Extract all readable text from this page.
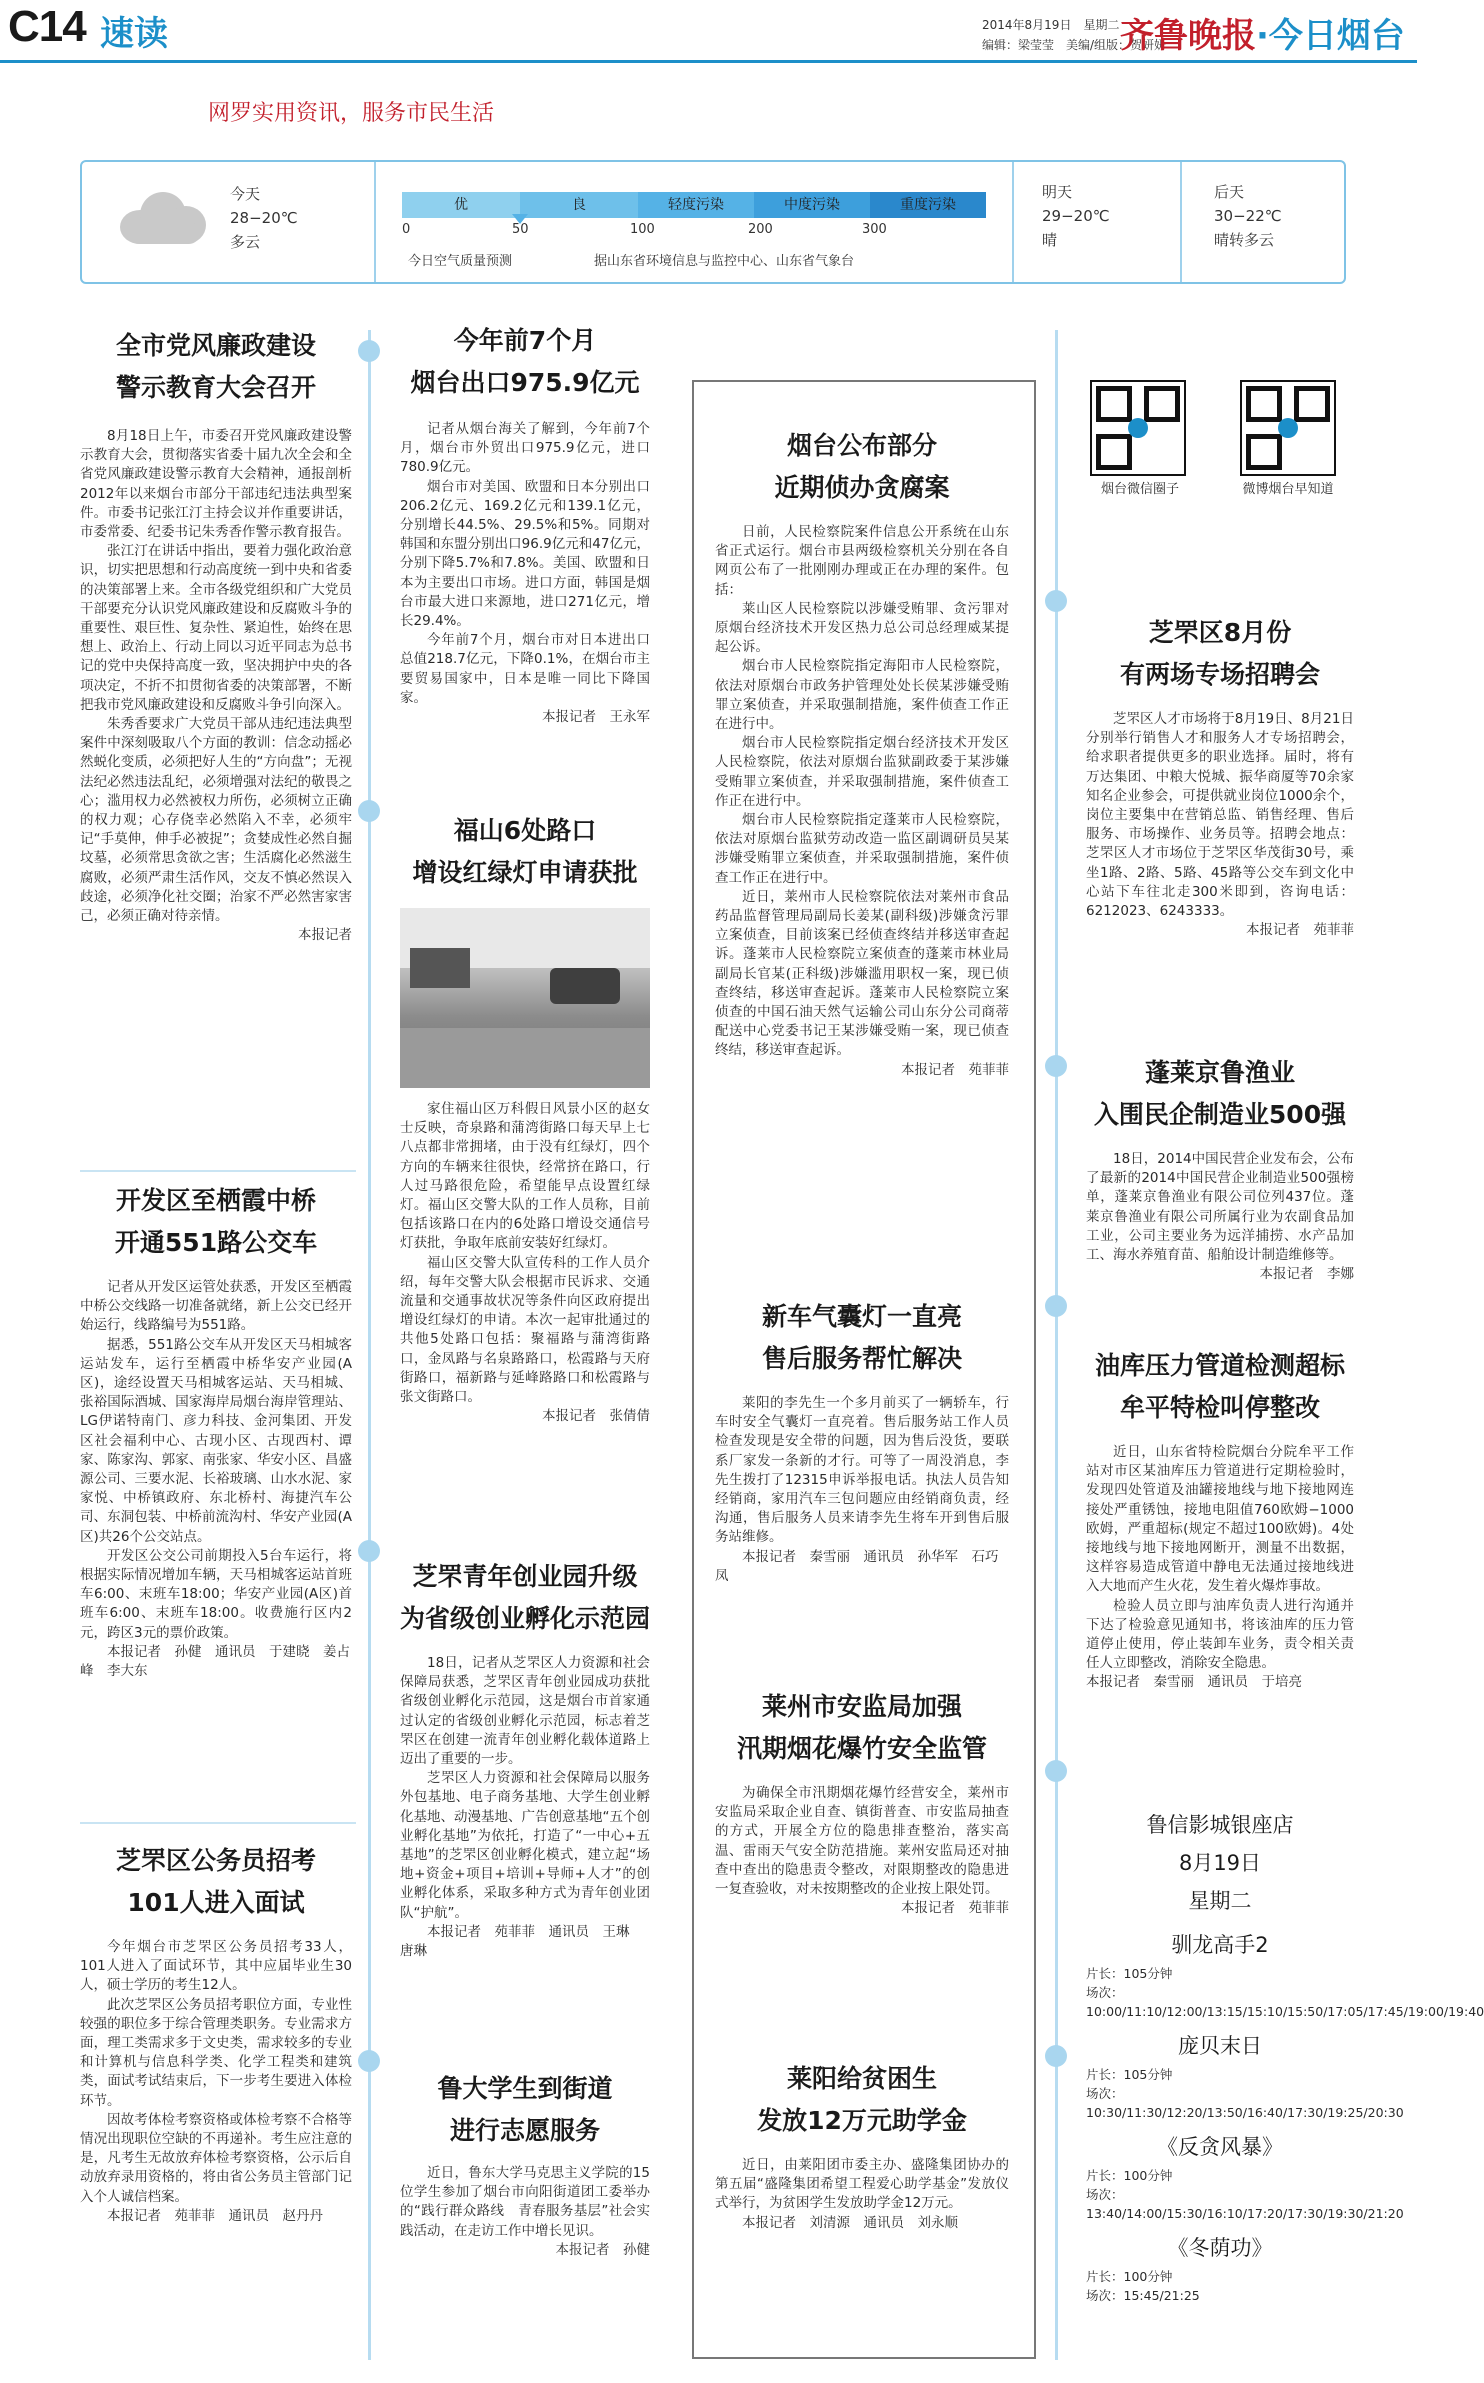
C14 速读	2014年8月19日　星期二
编辑：梁莹莹　美编/组版：贺妍妍
齐鲁晚报·今日烟台
网罗实用资讯，服务市民生活
今天
28−20℃
多云
优	良	轻度污染	中度污染	重度污染
0	50	100	200	300
今日空气质量预测	据山东省环境信息与监控中心、山东省气象台
明天
29−20℃
晴
后天
30−22℃
晴转多云
全市党风廉政建设
警示教育大会召开

8月18日上午，市委召开党风廉政建设警示教育大会，贯彻落实省委十届九次全会和全省党风廉政建设警示教育大会精神，通报剖析2012年以来烟台市部分干部违纪违法典型案件。市委书记张江汀主持会议并作重要讲话，市委常委、纪委书记朱秀香作警示教育报告。

张江汀在讲话中指出，要着力强化政治意识，切实把思想和行动高度统一到中央和省委的决策部署上来。全市各级党组织和广大党员干部要充分认识党风廉政建设和反腐败斗争的重要性、艰巨性、复杂性、紧迫性，始终在思想上、政治上、行动上同以习近平同志为总书记的党中央保持高度一致，坚决拥护中央的各项决定，不折不扣贯彻省委的决策部署，不断把我市党风廉政建设和反腐败斗争引向深入。

朱秀香要求广大党员干部从违纪违法典型案件中深刻吸取八个方面的教训：信念动摇必然蜕化变质，必须把好人生的“方向盘”；无视法纪必然违法乱纪，必须增强对法纪的敬畏之心；滥用权力必然被权力所伤，必须树立正确的权力观；心存侥幸必然陷入不幸，必须牢记“手莫伸，伸手必被捉”；贪婪成性必然自掘坟墓，必须常思贪欲之害；生活腐化必然滋生腐败，必须严肃生活作风，交友不慎必然误入歧途，必须净化社交圈；治家不严必然害家害己，必须正确对待亲情。

本报记者
开发区至栖霞中桥
开通551路公交车

记者从开发区运管处获悉，开发区至栖霞中桥公交线路一切准备就绪，新上公交已经开始运行，线路编号为551路。

据悉，551路公交车从开发区天马相城客运站发车，运行至栖霞中桥华安产业园(A区)，途经设置天马相城客运站、天马相城、张裕国际酒城、国家海岸局烟台海岸管理站、LG伊诺特南门、彦力科技、金河集团、开发区社会福利中心、古现小区、古现西村、谭家、陈家沟、郭家、南张家、华安小区、昌盛源公司、三要水泥、长裕玻璃、山水水泥、家家悦、中桥镇政府、东北桥村、海捷汽车公司、东洞包装、中桥前流沟村、华安产业园(A区)共26个公交站点。

开发区公交公司前期投入5台车运行，将根据实际情况增加车辆，天马相城客运站首班车6:00、末班车18:00；华安产业园(A区)首班车6:00、末班车18:00。收费施行区内2元，跨区3元的票价政策。

本报记者　孙健　通讯员　于建晓　姜占峰　李大东
芝罘区公务员招考
101人进入面试

今年烟台市芝罘区公务员招考33人，101人进入了面试环节，其中应届毕业生30人，硕士学历的考生12人。

此次芝罘区公务员招考职位方面，专业性较强的职位多于综合管理类职务。专业需求方面，理工类需求多于文史类，需求较多的专业和计算机与信息科学类、化学工程类和建筑类，面试考试结束后，下一步考生要进入体检环节。

因故考体检考察资格或体检考察不合格等情况出现职位空缺的不再递补。考生应注意的是，凡考生无故放弃体检考察资格，公示后自动放弃录用资格的，将由省公务员主管部门记入个人诚信档案。

本报记者　苑菲菲　通讯员　赵丹丹
今年前7个月
烟台出口975.9亿元

记者从烟台海关了解到，今年前7个月，烟台市外贸出口975.9亿元，进口780.9亿元。

烟台市对美国、欧盟和日本分别出口206.2亿元、169.2亿元和139.1亿元，分别增长44.5%、29.5%和5%。同期对韩国和东盟分别出口96.9亿元和47亿元，分别下降5.7%和7.8%。美国、欧盟和日本为主要出口市场。进口方面，韩国是烟台市最大进口来源地，进口271亿元，增长29.4%。

今年前7个月，烟台市对日本进出口总值218.7亿元，下降0.1%，在烟台市主要贸易国家中，日本是唯一同比下降国家。

本报记者　王永军
福山6处路口
增设红绿灯申请获批

家住福山区万科假日风景小区的赵女士反映，奇泉路和蒲湾街路口每天早上七八点都非常拥堵，由于没有红绿灯，四个方向的车辆来往很快，经常挤在路口，行人过马路很危险，希望能早点设置红绿灯。福山区交警大队的工作人员称，目前包括该路口在内的6处路口增设交通信号灯获批，争取年底前安装好红绿灯。

福山区交警大队宣传科的工作人员介绍，每年交警大队会根据市民诉求、交通流量和交通事故状况等条件向区政府提出增设红绿灯的申请。本次一起审批通过的共他5处路口包括：聚福路与蒲湾街路口，金凤路与名泉路路口，松霞路与天府街路口，福新路与延峰路路口和松霞路与张文街路口。

本报记者　张倩倩
芝罘青年创业园升级
为省级创业孵化示范园

18日，记者从芝罘区人力资源和社会保障局获悉，芝罘区青年创业园成功获批省级创业孵化示范园，这是烟台市首家通过认定的省级创业孵化示范园，标志着芝罘区在创建一流青年创业孵化载体道路上迈出了重要的一步。

芝罘区人力资源和社会保障局以服务外包基地、电子商务基地、大学生创业孵化基地、动漫基地、广告创意基地“五个创业孵化基地”为依托，打造了“一中心+五基地”的芝罘区创业孵化模式，建立起“场地+资金+项目+培训+导师+人才”的创业孵化体系，采取多种方式为青年创业团队“护航”。

本报记者　苑菲菲　通讯员　王琳　唐琳
鲁大学生到街道
进行志愿服务

近日，鲁东大学马克思主义学院的15位学生参加了烟台市向阳街道团工委举办的“践行群众路线　青春服务基层”社会实践活动，在走访工作中增长见识。

本报记者　孙健
烟台公布部分
近期侦办贪腐案

日前，人民检察院案件信息公开系统在山东省正式运行。烟台市县两级检察机关分别在各自网页公布了一批刚刚办理或正在办理的案件。包括：

莱山区人民检察院以涉嫌受贿罪、贪污罪对原烟台经济技术开发区热力总公司总经理威某提起公诉。

烟台市人民检察院指定海阳市人民检察院，依法对原烟台市政务护管理处处长侯某涉嫌受贿罪立案侦查，并采取强制措施，案件侦查工作正在进行中。

烟台市人民检察院指定烟台经济技术开发区人民检察院，依法对原烟台监狱副政委于某涉嫌受贿罪立案侦查，并采取强制措施，案件侦查工作正在进行中。

烟台市人民检察院指定蓬莱市人民检察院，依法对原烟台监狱劳动改造一监区副调研员吴某涉嫌受贿罪立案侦查，并采取强制措施，案件侦查工作正在进行中。

近日，莱州市人民检察院依法对莱州市食品药品监督管理局副局长姜某(副科级)涉嫌贪污罪立案侦查，目前该案已经侦查终结并移送审查起诉。蓬莱市人民检察院立案侦查的蓬莱市林业局副局长官某(正科级)涉嫌滥用职权一案，现已侦查终结，移送审查起诉。蓬莱市人民检察院立案侦查的中国石油天然气运输公司山东分公司商蒂配送中心党委书记王某涉嫌受贿一案，现已侦查终结，移送审查起诉。

本报记者　苑菲菲
新车气囊灯一直亮
售后服务帮忙解决

莱阳的李先生一个多月前买了一辆轿车，行车时安全气囊灯一直亮着。售后服务站工作人员检查发现是安全带的问题，因为售后没货，要联系厂家发一条新的才行。可等了一周没消息，李先生拨打了12315申诉举报电话。执法人员告知经销商，家用汽车三包问题应由经销商负责，经沟通，售后服务人员来请李先生将车开到售后服务站维修。

本报记者　秦雪丽　通讯员　孙华军　石巧凤
莱州市安监局加强
汛期烟花爆竹安全监管

为确保全市汛期烟花爆竹经营安全，莱州市安监局采取企业自查、镇街普查、市安监局抽查的方式，开展全方位的隐患排查整治，落实高温、雷雨天气安全防范措施。莱州安监局还对抽查中查出的隐患责令整改，对限期整改的隐患进一复查验收，对未按期整改的企业按上限处罚。

本报记者　苑菲菲
莱阳给贫困生
发放12万元助学金

近日，由莱阳团市委主办、盛隆集团协办的第五届“盛隆集团希望工程爱心助学基金”发放仪式举行，为贫困学生发放助学金12万元。

本报记者　刘清源　通讯员　刘永顺
烟台微信圈子	微博烟台早知道
芝罘区8月份
有两场专场招聘会

芝罘区人才市场将于8月19日、8月21日分别举行销售人才和服务人才专场招聘会，给求职者提供更多的职业选择。届时，将有万达集团、中粮大悦城、振华商厦等70余家知名企业参会，可提供就业岗位1000余个，岗位主要集中在营销总监、销售经理、售后服务、市场操作、业务员等。招聘会地点：芝罘区人才市场位于芝罘区华茂街30号，乘坐1路、2路、5路、45路等公交车到文化中心站下车往北走300米即到，咨询电话：6212023、6243333。

本报记者　苑菲菲
蓬莱京鲁渔业
入围民企制造业500强

18日，2014中国民营企业发布会，公布了最新的2014中国民营企业制造业500强榜单，蓬莱京鲁渔业有限公司位列437位。蓬莱京鲁渔业有限公司所属行业为农副食品加工业，公司主要业务为远洋捕捞、水产品加工、海水养殖育苗、船舶设计制造维修等。

本报记者　李娜
油库压力管道检测超标
牟平特检叫停整改

近日，山东省特检院烟台分院牟平工作站对市区某油库压力管道进行定期检验时，发现四处管道及油罐接地线与地下接地网连接处严重锈蚀，接地电阻值760欧姆−1000欧姆，严重超标(规定不超过100欧姆)。4处接地线与地下接地网断开，测量不出数据，这样容易造成管道中静电无法通过接地线进入大地而产生火花，发生着火爆炸事故。

检验人员立即与油库负责人进行沟通并下达了检验意见通知书，将该油库的压力管道停止使用，停止装卸车业务，责令相关责任人立即整改，消除安全隐患。

本报记者　秦雪丽　通讯员　于培亮
鲁信影城银座店
8月19日
星期二
驯龙高手2
片长：105分钟
场次：10:00/11:10/12:00/13:15/15:10/15:50/17:05/17:45/19:00/19:40
庞贝末日
片长：105分钟
场次：10:30/11:30/12:20/13:50/16:40/17:30/19:25/20:30
《反贪风暴》
片长：100分钟
场次：13:40/14:00/15:30/16:10/17:20/17:30/19:30/21:20
《冬荫功》
片长：100分钟
场次：15:45/21:25
